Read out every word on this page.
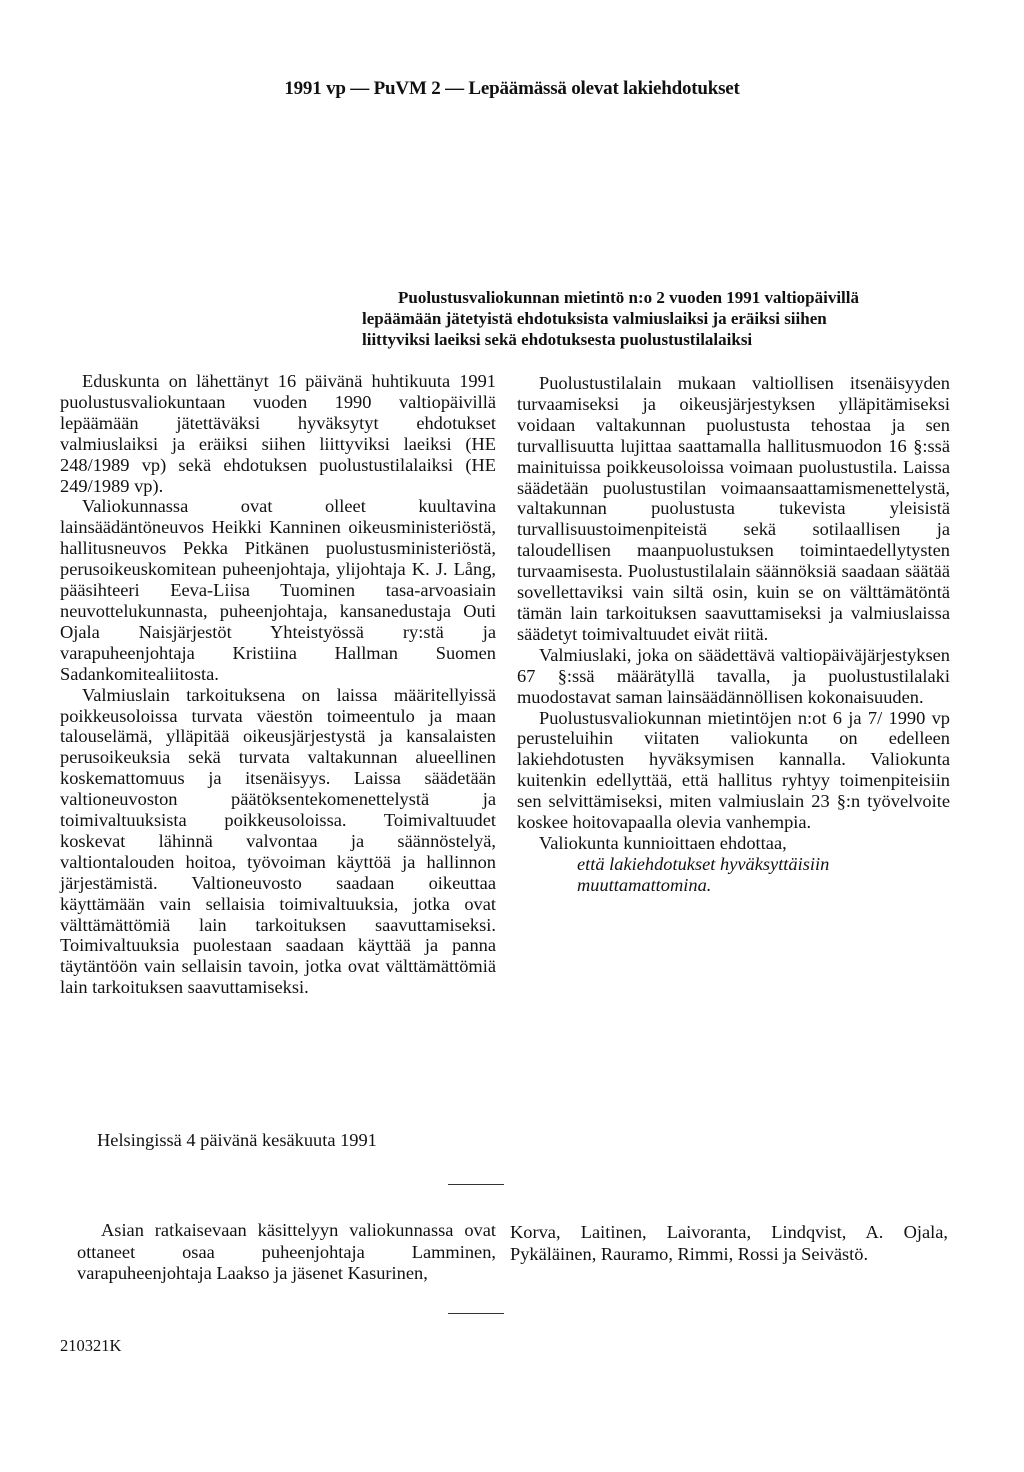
1991 vp — PuVM 2 — Lepäämässä olevat lakiehdotukset
Puolustusvaliokunnan mietintö n:o 2 vuoden 1991 valtiopäivillä
lepäämään jätetyistä ehdotuksista valmiuslaiksi ja eräiksi siihen
liittyviksi laeiksi sekä ehdotuksesta puolustustilalaiksi

Eduskunta on lähettänyt 16 päivänä huhtikuuta 1991 puolustusvaliokuntaan vuoden 1990 valtiopäivillä lepäämään jätettäväksi hyväksytyt ehdotukset valmiuslaiksi ja eräiksi siihen liittyviksi laeiksi (HE 248/1989 vp) sekä ehdotuksen puolustustilalaiksi (HE 249/1989 vp).

Valiokunnassa ovat olleet kuultavina lainsäädäntöneuvos Heikki Kanninen oikeusministeriöstä, hallitusneuvos Pekka Pitkänen puolustusministeriöstä, perusoikeuskomitean puheenjohtaja, ylijohtaja K. J. Lång, pääsihteeri Eeva-Liisa Tuominen tasa-arvoasiain neuvottelukunnasta, puheenjohtaja, kansanedustaja Outi Ojala Naisjärjestöt Yhteistyössä ry:stä ja varapuheenjohtaja Kristiina Hallman Suomen Sadankomitealiitosta.

Valmiuslain tarkoituksena on laissa määritellyissä poikkeusoloissa turvata väestön toimeentulo ja maan talouselämä, ylläpitää oikeusjärjestystä ja kansalaisten perusoikeuksia sekä turvata valtakunnan alueellinen koskemattomuus ja itsenäisyys. Laissa säädetään valtioneuvoston päätöksentekomenettelystä ja toimivaltuuksista poikkeusoloissa. Toimivaltuudet koskevat lähinnä valvontaa ja säännöstelyä, valtiontalouden hoitoa, työvoiman käyttöä ja hallinnon järjestämistä. Valtioneuvosto saadaan oikeuttaa käyttämään vain sellaisia toimivaltuuksia, jotka ovat välttämättömiä lain tarkoituksen saavuttamiseksi. Toimivaltuuksia puolestaan saadaan käyttää ja panna täytäntöön vain sellaisin tavoin, jotka ovat välttämättömiä lain tarkoituksen saavuttamiseksi.

Puolustustilalain mukaan valtiollisen itsenäisyyden turvaamiseksi ja oikeusjärjestyksen ylläpitämiseksi voidaan valtakunnan puolustusta tehostaa ja sen turvallisuutta lujittaa saattamalla hallitusmuodon 16 §:ssä mainituissa poikkeusoloissa voimaan puolustustila. Laissa säädetään puolustustilan voimaansaattamismenettelystä, valtakunnan puolustusta tukevista yleisistä turvallisuustoimenpiteistä sekä sotilaallisen ja taloudellisen maanpuolustuksen toimintaedellytysten turvaamisesta. Puolustustilalain säännöksiä saadaan säätää sovellettaviksi vain siltä osin, kuin se on välttämätöntä tämän lain tarkoituksen saavuttamiseksi ja valmiuslaissa säädetyt toimivaltuudet eivät riitä.

Valmiuslaki, joka on säädettävä valtiopäiväjärjestyksen 67 §:ssä määrätyllä tavalla, ja puolustustilalaki muodostavat saman lainsäädännöllisen kokonaisuuden.

Puolustusvaliokunnan mietintöjen n:ot 6 ja 7/ 1990 vp perusteluihin viitaten valiokunta on edelleen lakiehdotusten hyväksymisen kannalla. Valiokunta kuitenkin edellyttää, että hallitus ryhtyy toimenpiteisiin sen selvittämiseksi, miten valmiuslain 23 §:n työvelvoite koskee hoitovapaalla olevia vanhempia.

Valiokunta kunnioittaen ehdottaa,

että lakiehdotukset hyväksyttäisiin muuttamattomina.

Helsingissä 4 päivänä kesäkuuta 1991
Asian ratkaisevaan käsittelyyn valiokunnassa ovat ottaneet osaa puheenjohtaja Lamminen, varapuheenjohtaja Laakso ja jäsenet Kasurinen,
Korva, Laitinen, Laivoranta, Lindqvist, A. Ojala, Pykäläinen, Rauramo, Rimmi, Rossi ja Seivästö.
210321K
